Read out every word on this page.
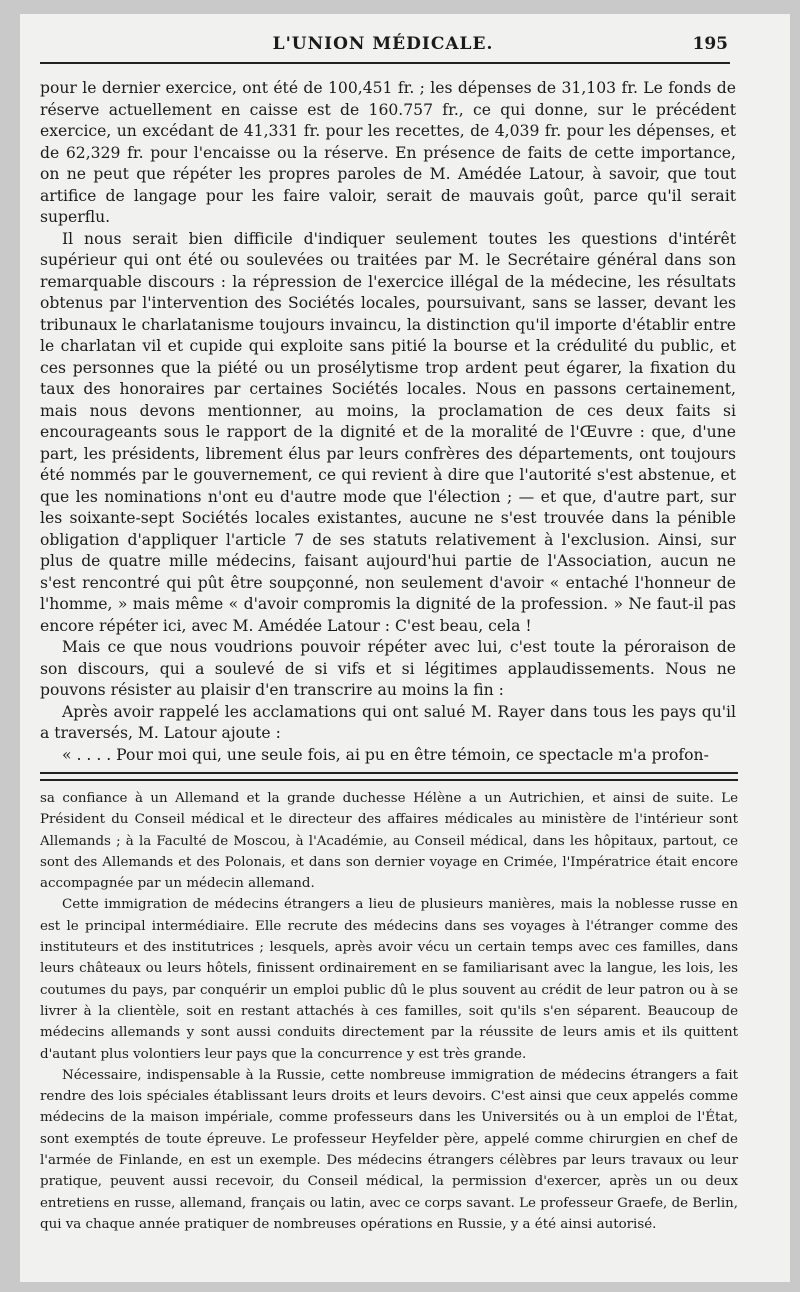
L'UNION MÉDICALE.	195

pour le dernier exercice, ont été de 100,451 fr. ; les dépenses de 31,103 fr. Le fonds de réserve actuellement en caisse est de 160.757 fr., ce qui donne, sur le précédent exercice, un excédant de 41,331 fr. pour les recettes, de 4,039 fr. pour les dépenses, et de 62,329 fr. pour l'encaisse ou la réserve. En présence de faits de cette importance, on ne peut que répéter les propres paroles de M. Amédée Latour, à savoir, que tout artifice de langage pour les faire valoir, serait de mauvais goût, parce qu'il serait superflu.

Il nous serait bien difficile d'indiquer seulement toutes les questions d'intérêt supérieur qui ont été ou soulevées ou traitées par M. le Secrétaire général dans son remarquable discours : la répression de l'exercice illégal de la médecine, les résultats obtenus par l'intervention des Sociétés locales, poursuivant, sans se lasser, devant les tribunaux le charlatanisme toujours invaincu, la distinction qu'il importe d'établir entre le charlatan vil et cupide qui exploite sans pitié la bourse et la crédulité du public, et ces personnes que la piété ou un prosélytisme trop ardent peut égarer, la fixation du taux des honoraires par certaines Sociétés locales. Nous en passons certainement, mais nous devons mentionner, au moins, la proclamation de ces deux faits si encourageants sous le rapport de la dignité et de la moralité de l'Œuvre : que, d'une part, les présidents, librement élus par leurs confrères des départements, ont toujours été nommés par le gouvernement, ce qui revient à dire que l'autorité s'est abstenue, et que les nominations n'ont eu d'autre mode que l'élection ; — et que, d'autre part, sur les soixante-sept Sociétés locales existantes, aucune ne s'est trouvée dans la pénible obligation d'appliquer l'article 7 de ses statuts relativement à l'exclusion. Ainsi, sur plus de quatre mille médecins, faisant aujourd'hui partie de l'Association, aucun ne s'est rencontré qui pût être soupçonné, non seulement d'avoir « entaché l'honneur de l'homme, » mais même « d'avoir compromis la dignité de la profession. » Ne faut-il pas encore répéter ici, avec M. Amédée Latour : C'est beau, cela !

Mais ce que nous voudrions pouvoir répéter avec lui, c'est toute la péroraison de son discours, qui a soulevé de si vifs et si légitimes applaudissements. Nous ne pouvons résister au plaisir d'en transcrire au moins la fin :

Après avoir rappelé les acclamations qui ont salué M. Rayer dans tous les pays qu'il a traversés, M. Latour ajoute :

« . . . . Pour moi qui, une seule fois, ai pu en être témoin, ce spectacle m'a profon-

sa confiance à un Allemand et la grande duchesse Hélène a un Autrichien, et ainsi de suite. Le Président du Conseil médical et le directeur des affaires médicales au ministère de l'intérieur sont Allemands ; à la Faculté de Moscou, à l'Académie, au Conseil médical, dans les hôpitaux, partout, ce sont des Allemands et des Polonais, et dans son dernier voyage en Crimée, l'Impératrice était encore accompagnée par un médecin allemand.

Cette immigration de médecins étrangers a lieu de plusieurs manières, mais la noblesse russe en est le principal intermédiaire. Elle recrute des médecins dans ses voyages à l'étranger comme des instituteurs et des institutrices ; lesquels, après avoir vécu un certain temps avec ces familles, dans leurs châteaux ou leurs hôtels, finissent ordinairement en se familiarisant avec la langue, les lois, les coutumes du pays, par conquérir un emploi public dû le plus souvent au crédit de leur patron ou à se livrer à la clientèle, soit en restant attachés à ces familles, soit qu'ils s'en séparent. Beaucoup de médecins allemands y sont aussi conduits directement par la réussite de leurs amis et ils quittent d'autant plus volontiers leur pays que la concurrence y est très grande.

Nécessaire, indispensable à la Russie, cette nombreuse immigration de médecins étrangers a fait rendre des lois spéciales établissant leurs droits et leurs devoirs. C'est ainsi que ceux appelés comme médecins de la maison impériale, comme professeurs dans les Universités ou à un emploi de l'État, sont exemptés de toute épreuve. Le professeur Heyfelder père, appelé comme chirurgien en chef de l'armée de Finlande, en est un exemple. Des médecins étrangers célèbres par leurs travaux ou leur pratique, peuvent aussi recevoir, du Conseil médical, la permission d'exercer, après un ou deux entretiens en russe, allemand, français ou latin, avec ce corps savant. Le professeur Graefe, de Berlin, qui va chaque année pratiquer de nombreuses opérations en Russie, y a été ainsi autorisé.
